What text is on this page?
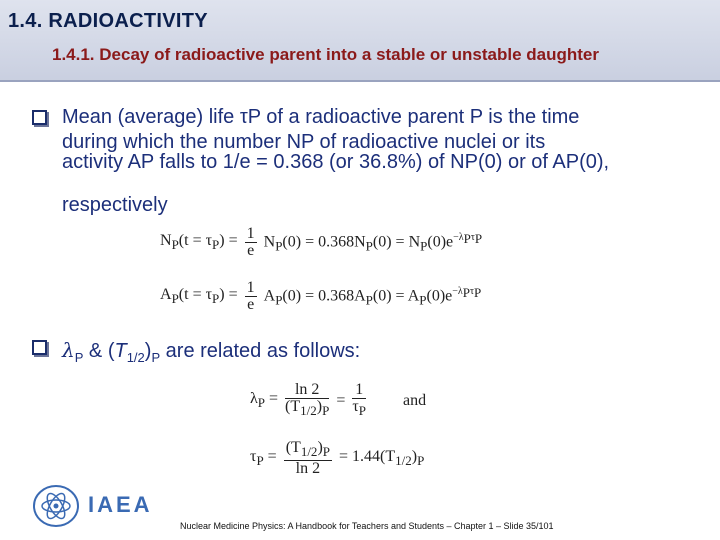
1.4. RADIOACTIVITY
1.4.1. Decay of radioactive parent into a stable or unstable daughter
Mean (average) life τP of a radioactive parent P is the time
during which the number NP of radioactive nuclei or its
activity AP falls to 1/e = 0.368 (or 36.8%) of NP(0) or of AP(0),
respectively
$N_P(t = \tau_P) = \frac{1}{e} N_P(0) = 0.368N_P(0) = N_P(0)e^{-\lambda_P\tau_P}$
$A_P(t = \tau_P) = \frac{1}{e} A_P(0) = 0.368A_P(0) = A_P(0)e^{-\lambda_P\tau_P}$
$\lambda_P$ & $(T_{1/2})_P$ are related as follows:
$\lambda_P = \frac{\ln 2}{(T_{1/2})_P} = \frac{1}{\tau_P}$ and
$\tau_P = \frac{(T_{1/2})_P}{\ln 2} = 1.44(T_{1/2})_P$
IAEA
Nuclear Medicine Physics: A Handbook for Teachers and Students – Chapter 1 – Slide 35/101
